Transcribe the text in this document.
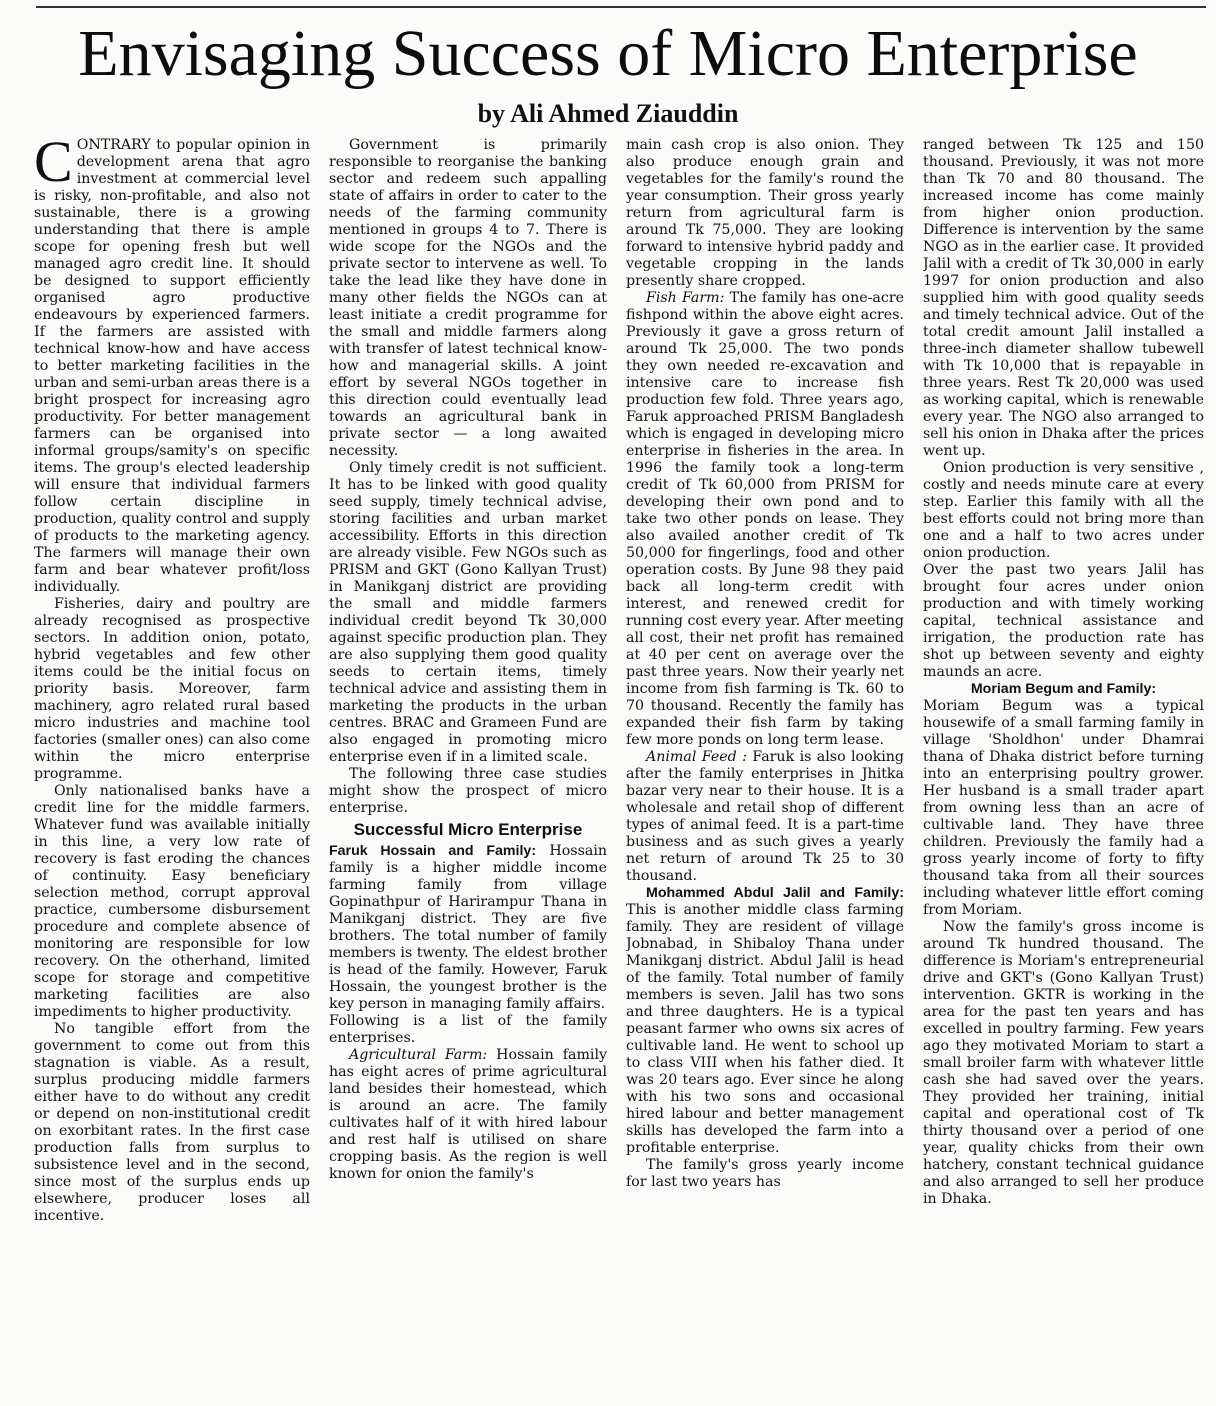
Envisaging Success of Micro Enterprise
by Ali Ahmed Ziauddin

CONTRARY to popular opinion in development arena that agro investment at commercial level is risky, non-profitable, and also not sustainable, there is a growing understanding that there is ample scope for opening fresh but well managed agro credit line. It should be designed to support efficiently organised agro productive endeavours by experienced farmers. If the farmers are assisted with technical know-how and have access to better marketing facilities in the urban and semi-urban areas there is a bright prospect for increasing agro productivity. For better management farmers can be organised into informal groups/samity's on specific items. The group's elected leadership will ensure that individual farmers follow certain discipline in production, quality control and supply of products to the marketing agency. The farmers will manage their own farm and bear whatever profit/loss individually.

Fisheries, dairy and poultry are already recognised as prospective sectors. In addition onion, potato, hybrid vegetables and few other items could be the initial focus on priority basis. Moreover, farm machinery, agro related rural based micro industries and machine tool factories (smaller ones) can also come within the micro enterprise programme.

Only nationalised banks have a credit line for the middle farmers. Whatever fund was available initially in this line, a very low rate of recovery is fast eroding the chances of continuity. Easy beneficiary selection method, corrupt approval practice, cumbersome disbursement procedure and complete absence of monitoring are responsible for low recovery. On the otherhand, limited scope for storage and competitive marketing facilities are also impediments to higher productivity.

No tangible effort from the government to come out from this stagnation is viable. As a result, surplus producing middle farmers either have to do without any credit or depend on non-institutional credit on exorbitant rates. In the first case production falls from surplus to subsistence level and in the second, since most of the surplus ends up elsewhere, producer loses all incentive.

Government is primarily responsible to reorganise the banking sector and redeem such appalling state of affairs in order to cater to the needs of the farming community mentioned in groups 4 to 7. There is wide scope for the NGOs and the private sector to intervene as well. To take the lead like they have done in many other fields the NGOs can at least initiate a credit programme for the small and middle farmers along with transfer of latest technical know-how and managerial skills. A joint effort by several NGOs together in this direction could eventually lead towards an agricultural bank in private sector — a long awaited necessity.

Only timely credit is not sufficient. It has to be linked with good quality seed supply, timely technical advise, storing facilities and urban market accessibility. Efforts in this direction are already visible. Few NGOs such as PRISM and GKT (Gono Kallyan Trust) in Manikganj district are providing the small and middle farmers individual credit beyond Tk 30,000 against specific production plan. They are also supplying them good quality seeds to certain items, timely technical advice and assisting them in marketing the products in the urban centres. BRAC and Grameen Fund are also engaged in promoting micro enterprise even if in a limited scale.

The following three case studies might show the prospect of micro enterprise.

Successful Micro Enterprise

Faruk Hossain and Family: Hossain family is a higher middle income farming family from village Gopinathpur of Harirampur Thana in Manikganj district. They are five brothers. The total number of family members is twenty. The eldest brother is head of the family. However, Faruk Hossain, the youngest brother is the key person in managing family affairs.

Following is a list of the family enterprises.

Agricultural Farm: Hossain family has eight acres of prime agricultural land besides their homestead, which is around an acre. The family cultivates half of it with hired labour and rest half is utilised on share cropping basis. As the region is well known for onion the family's

main cash crop is also onion. They also produce enough grain and vegetables for the family's round the year consumption. Their gross yearly return from agricultural farm is around Tk 75,000. They are looking forward to intensive hybrid paddy and vegetable cropping in the lands presently share cropped.

Fish Farm: The family has one-acre fishpond within the above eight acres. Previously it gave a gross return of around Tk 25,000. The two ponds they own needed re-excavation and intensive care to increase fish production few fold. Three years ago, Faruk approached PRISM Bangladesh which is engaged in developing micro enterprise in fisheries in the area. In 1996 the family took a long-term credit of Tk 60,000 from PRISM for developing their own pond and to take two other ponds on lease. They also availed another credit of Tk 50,000 for fingerlings, food and other operation costs. By June 98 they paid back all long-term credit with interest, and renewed credit for running cost every year. After meeting all cost, their net profit has remained at 40 per cent on average over the past three years. Now their yearly net income from fish farming is Tk. 60 to 70 thousand. Recently the family has expanded their fish farm by taking few more ponds on long term lease.

Animal Feed : Faruk is also looking after the family enterprises in Jhitka bazar very near to their house. It is a wholesale and retail shop of different types of animal feed. It is a part-time business and as such gives a yearly net return of around Tk 25 to 30 thousand.

Mohammed Abdul Jalil and Family: This is another middle class farming family. They are resident of village Jobnabad, in Shibaloy Thana under Manikganj district. Abdul Jalil is head of the family. Total number of family members is seven. Jalil has two sons and three daughters. He is a typical peasant farmer who owns six acres of cultivable land. He went to school up to class VIII when his father died. It was 20 tears ago. Ever since he along with his two sons and occasional hired labour and better management skills has developed the farm into a profitable enterprise.

The family's gross yearly income for last two years has

ranged between Tk 125 and 150 thousand. Previously, it was not more than Tk 70 and 80 thousand. The increased income has come mainly from higher onion production. Difference is intervention by the same NGO as in the earlier case. It provided Jalil with a credit of Tk 30,000 in early 1997 for onion production and also supplied him with good quality seeds and timely technical advice. Out of the total credit amount Jalil installed a three-inch diameter shallow tubewell with Tk 10,000 that is repayable in three years. Rest Tk 20,000 was used as working capital, which is renewable every year. The NGO also arranged to sell his onion in Dhaka after the prices went up.

Onion production is very sensitive , costly and needs minute care at every step. Earlier this family with all the best efforts could not bring more than one and a half to two acres under onion production.

Over the past two years Jalil has brought four acres under onion production and with timely working capital, technical assistance and irrigation, the production rate has shot up between seventy and eighty maunds an acre.

Moriam Begum and Family:
Moriam Begum was a typical housewife of a small farming family in village 'Sholdhon' under Dhamrai thana of Dhaka district before turning into an enterprising poultry grower. Her husband is a small trader apart from owning less than an acre of cultivable land. They have three children. Previously the family had a gross yearly income of forty to fifty thousand taka from all their sources including whatever little effort coming from Moriam.

Now the family's gross income is around Tk hundred thousand. The difference is Moriam's entrepreneurial drive and GKT's (Gono Kallyan Trust) intervention. GKTR is working in the area for the past ten years and has excelled in poultry farming. Few years ago they motivated Moriam to start a small broiler farm with whatever little cash she had saved over the years. They provided her training, initial capital and operational cost of Tk thirty thousand over a period of one year, quality chicks from their own hatchery, constant technical guidance and also arranged to sell her produce in Dhaka.
